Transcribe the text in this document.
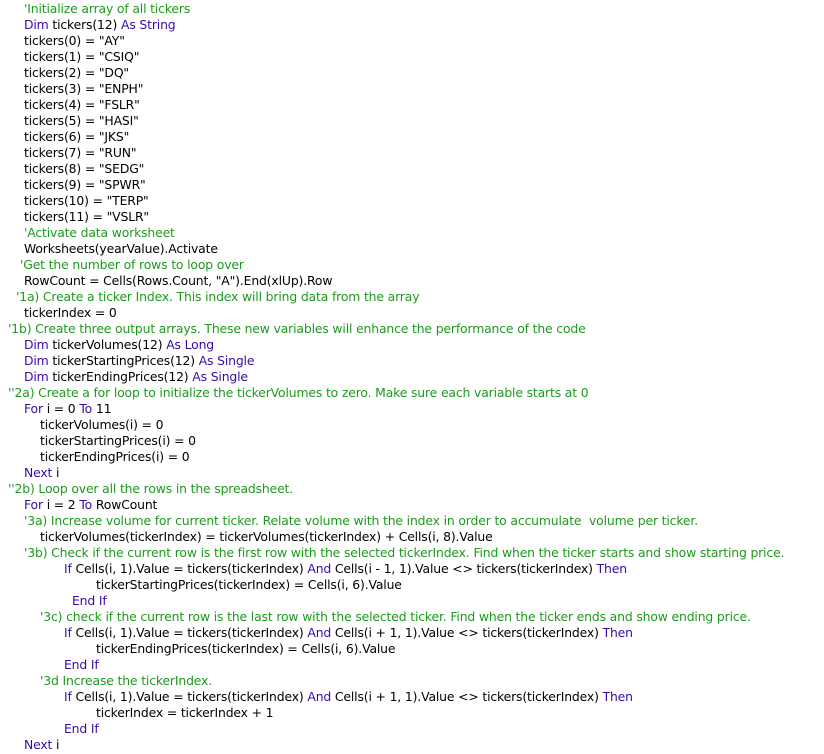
'Initialize array of all tickers
Dim tickers(12) As String
tickers(0) = "AY"
tickers(1) = "CSIQ"
tickers(2) = "DQ"
tickers(3) = "ENPH"
tickers(4) = "FSLR"
tickers(5) = "HASI"
tickers(6) = "JKS"
tickers(7) = "RUN"
tickers(8) = "SEDG"
tickers(9) = "SPWR"
tickers(10) = "TERP"
tickers(11) = "VSLR"
'Activate data worksheet
Worksheets(yearValue).Activate
'Get the number of rows to loop over
RowCount = Cells(Rows.Count, "A").End(xlUp).Row
'1a) Create a ticker Index. This index will bring data from the array
tickerIndex = 0
'1b) Create three output arrays. These new variables will enhance the performance of the code
Dim tickerVolumes(12) As Long
Dim tickerStartingPrices(12) As Single
Dim tickerEndingPrices(12) As Single
''2a) Create a for loop to initialize the tickerVolumes to zero. Make sure each variable starts at 0
For i = 0 To 11
tickerVolumes(i) = 0
tickerStartingPrices(i) = 0
tickerEndingPrices(i) = 0
Next i
''2b) Loop over all the rows in the spreadsheet.
For i = 2 To RowCount
'3a) Increase volume for current ticker. Relate volume with the index in order to accumulate  volume per ticker.
tickerVolumes(tickerIndex) = tickerVolumes(tickerIndex) + Cells(i, 8).Value
'3b) Check if the current row is the first row with the selected tickerIndex. Find when the ticker starts and show starting price.
If Cells(i, 1).Value = tickers(tickerIndex) And Cells(i - 1, 1).Value <> tickers(tickerIndex) Then
tickerStartingPrices(tickerIndex) = Cells(i, 6).Value
End If
'3c) check if the current row is the last row with the selected ticker. Find when the ticker ends and show ending price.
If Cells(i, 1).Value = tickers(tickerIndex) And Cells(i + 1, 1).Value <> tickers(tickerIndex) Then
tickerEndingPrices(tickerIndex) = Cells(i, 6).Value
End If
'3d Increase the tickerIndex.
If Cells(i, 1).Value = tickers(tickerIndex) And Cells(i + 1, 1).Value <> tickers(tickerIndex) Then
tickerIndex = tickerIndex + 1
End If
Next i
